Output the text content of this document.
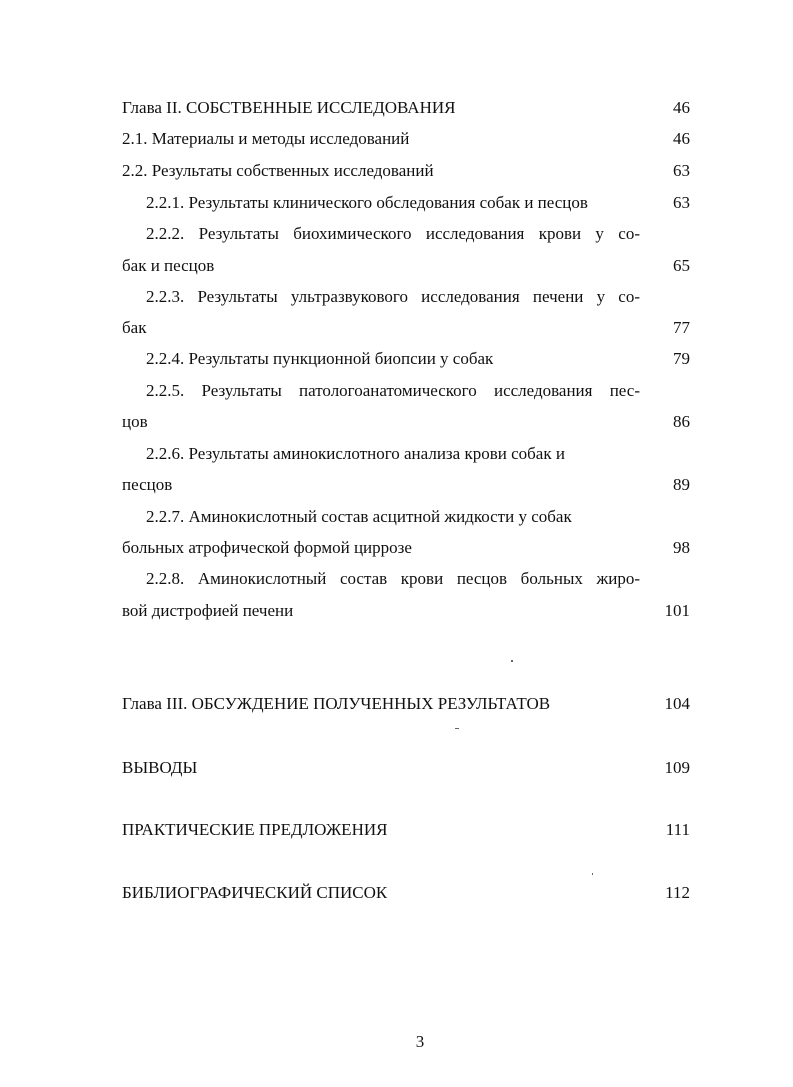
Глава II. СОБСТВЕННЫЕ ИССЛЕДОВАНИЯ	46
2.1. Материалы и методы исследований	46
2.2. Результаты собственных исследований	63
2.2.1. Результаты клинического обследования собак и песцов	63
2.2.2. Результаты биохимического исследования крови у со-
бак и песцов	65
2.2.3. Результаты ультразвукового исследования печени у со-
бак	77
2.2.4. Результаты пункционной биопсии у собак	79
2.2.5. Результаты патологоанатомического исследования пес-
цов	86
2.2.6. Результаты аминокислотного анализа крови собак и
песцов	89
2.2.7. Аминокислотный состав асцитной жидкости у собак
больных атрофической формой циррозе	98
2.2.8. Аминокислотный состав крови песцов больных жиро-
вой дистрофией печени	101
Глава III. ОБСУЖДЕНИЕ ПОЛУЧЕННЫХ РЕЗУЛЬТАТОВ	104
ВЫВОДЫ	109
ПРАКТИЧЕСКИЕ ПРЕДЛОЖЕНИЯ	111
БИБЛИОГРАФИЧЕСКИЙ СПИСОК	112
3
